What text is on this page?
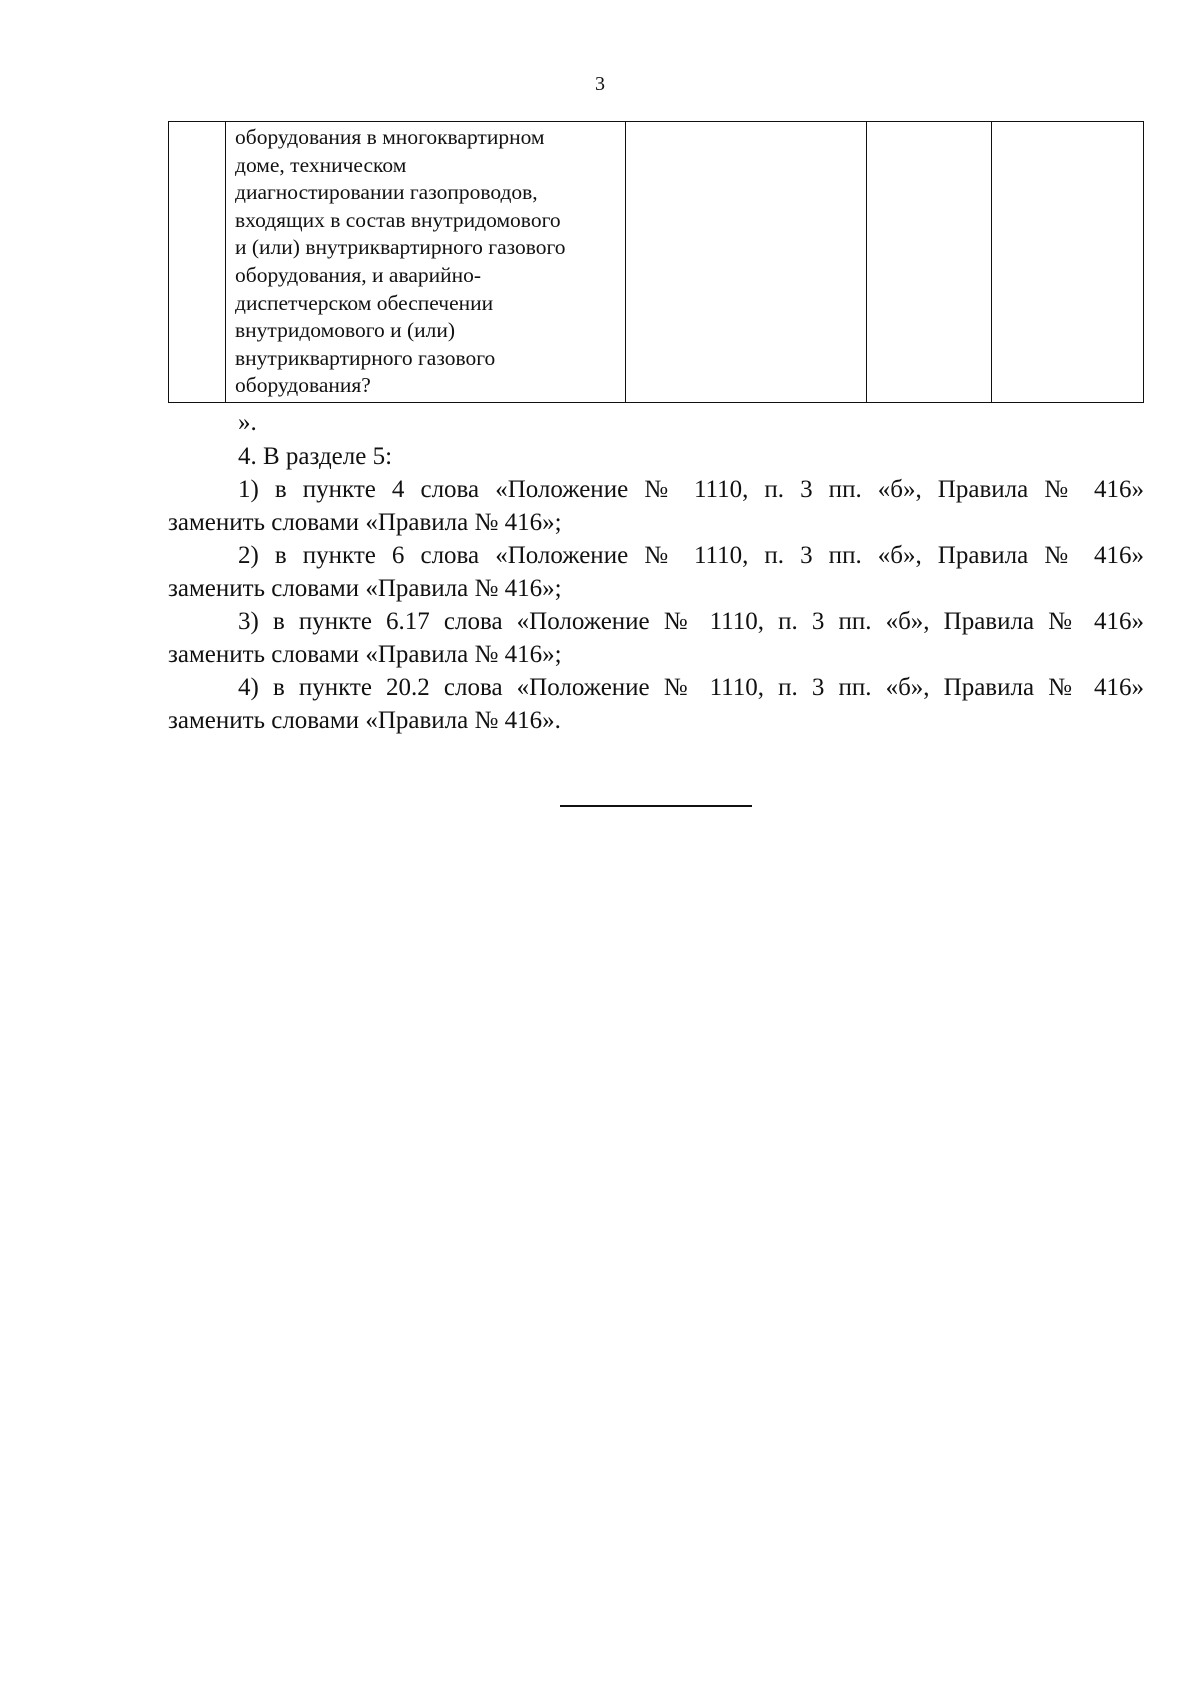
3

оборудования в многоквартирном
доме, техническом
диагностировании газопроводов,
входящих в состав внутридомового
и (или) внутриквартирного газового
оборудования, и аварийно-
диспетчерском обеспечении
внутридомового и (или)
внутриквартирного газового
оборудования?

».

4. В разделе 5:

1) в пункте 4 слова «Положение № 1110, п. 3 пп. «б», Правила № 416»
заменить словами «Правила № 416»;

2) в пункте 6 слова «Положение № 1110, п. 3 пп. «б», Правила № 416»
заменить словами «Правила № 416»;

3) в пункте 6.17 слова «Положение № 1110, п. 3 пп. «б», Правила № 416»
заменить словами «Правила № 416»;

4) в пункте 20.2 слова «Положение № 1110, п. 3 пп. «б», Правила № 416»
заменить словами «Правила № 416».
